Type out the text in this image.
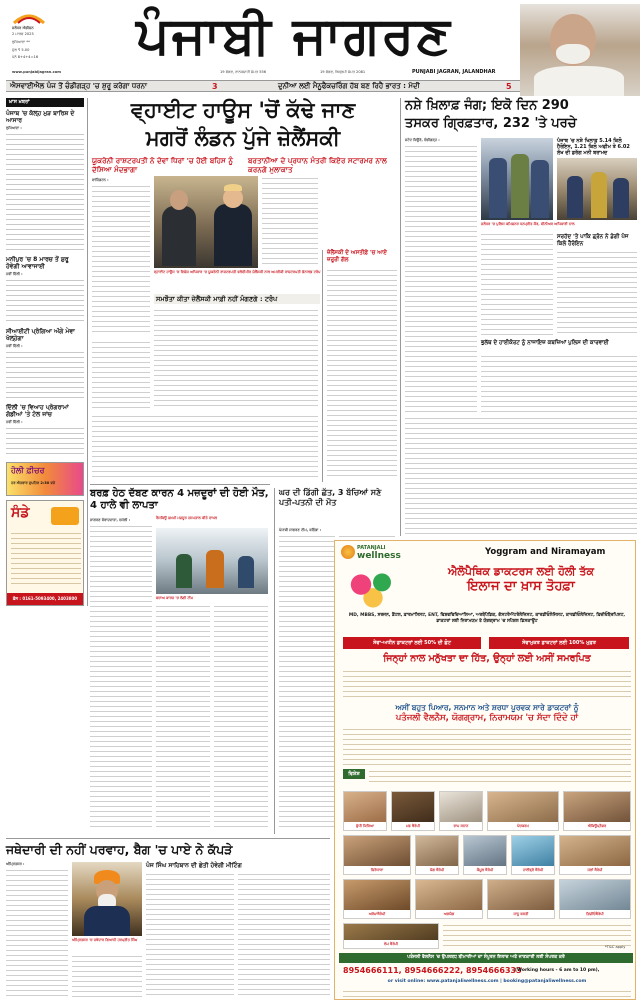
ਜਲੰਧਰ ਐਡੀਸ਼ਨ
2 ਮਾਰਚ 2025
ਲੁਧਿਆਣਾ **
ਮੁੱਲ ₹ 5.00
ਪੰਨੇ 8+4+4=16	ਪੰਜਾਬੀ ਜਾਗਰਣ
www.punjabijagran.com	19 ਫੱਗਣ, ਨਾਨਕਸ਼ਾਹੀ ਸੰਮਤ 556	19 ਫੱਗਣ, ਬਿਕ੍ਰਮੀ ਸੰਮਤ 2081	PUNJABI JAGRAN, JALANDHAR
ਐਸਵਾਈਐਲ ਪੰਜ ਤੋਂ ਚੰਡੀਗੜ੍ਹ 'ਚ ਸ਼ੁਰੂ ਕਰੇਗਾ ਧਰਨਾ	3	ਦੁਨੀਆ ਲਈ ਮੈਨੂਫੈਕਚਰਿੰਗ ਹੱਬ ਬਣ ਰਿਹੈ ਭਾਰਤ : ਮੋਦੀ	5
ਖ਼ਾਸ ਖ਼ਬਰਾਂ
ਪੰਜਾਬ 'ਚ ਕੱਲ੍ਹ ਮੁੜ ਬਾਰਿਸ਼ ਦੇ ਆਸਾਰ
ਲੁਧਿਆਣਾ :
ਮਨੀਪੁਰ 'ਚ 8 ਮਾਰਚ ਤੋਂ ਸ਼ੁਰੂ ਹੋਵੇਗੀ ਆਵਾਜਾਈ
ਨਵੀਂ ਦਿੱਲੀ :
ਸੀਆਈਟੀ ਪ੍ਰੋਗਿਆ ਅੱਗੇ ਮੇਵਾ ਖੋਲ੍ਹੇਗਾ
ਨਵੀਂ ਦਿੱਲੀ :
ਦਿੱਲੀ 'ਚ ਵਿਆਹ ਪ੍ਰੋਗਰਾਮਾਂ ਗੱਡੀਆਂ 'ਤੇ ਟੋਲ ਜਾਂਚ
ਨਵੀਂ ਦਿੱਲੀ :
ਹੋਲੀ ਫ਼ੀਚਰ
ਹਰ ਐਤਵਾਰ ਦੁਪਹਿਰ 2:30 ਵਜੇ
ਸੰਡੇ
ਫ਼ੋਨ : 0161-5093400, 2403800
ਵ੍ਹਾਈਟ ਹਾਊਸ 'ਚੋਂ ਕੱਢੇ ਜਾਣ
ਮਗਰੋਂ ਲੰਡਨ ਪੁੱਜੇ ਜ਼ੇਲੈਂਸਕੀ
ਯੂਕਰੇਨੀ ਰਾਸ਼ਟਰਪਤੀ ਨੇ ਦੇਵਾਂ ਧਿਰਾਂ 'ਚ ਹੋਈ ਬਹਿਸ ਨੂੰ ਦੱਸਿਆ ਮੰਦਭਾਗਾ
ਬਰਤਾਨੀਆ ਦੇ ਪ੍ਰਧਾਨ ਮੰਤਰੀ ਕਿਏਰ ਸਟਾਰਮਰ ਨਾਲ ਕਰਨਗੇ ਮੁਲਾਕਾਤ
ਵਾਸ਼ਿੰਗਟਨ :
ਵ੍ਹਾਈਟ ਹਾਊਸ 'ਚ ਵਿਸ਼ੇਸ਼ ਅਧਿਕਾਰ 'ਚ ਯੂਕਰੇਨੀ ਰਾਸ਼ਟਰਪਤੀ ਵਲੋਦੀਮੀਰ ਜ਼ੇਲੈਂਸਕੀ ਨਾਲ ਅਮਰੀਕੀ ਰਾਸ਼ਟਰਪਤੀ ਡੋਨਾਲਡ ਟਰੰਪ
ਜ਼ੇਲੈਂਸਕੀ ਦੇ ਅਸਤੀਫ਼ੇ 'ਚ ਆਏ ਜ਼ਰੂਰੀ ਗੱਲ
ਸਮਝੌਤਾ ਕੀਤਾ ਜ਼ੇਲੈਂਸਕੀ ਮਾਫ਼ੀ ਨਹੀਂ ਮੰਗਣਗੇ : ਟਰੰਪ
ਬਰਫ਼ ਹੇਠ ਦੱਬਣ ਕਾਰਨ 4 ਮਜ਼ਦੂਰਾਂ ਦੀ ਹੋਈ ਮੌਤ, 4 ਹਾਲੇ ਵੀ ਲਾਪਤਾ
ਜਾਗਰਣ ਸੰਵਾਦਦਾਤਾ, ਚਮੋਲੀ :	ਰੈਸਕਿਊ ਜ਼ਖ਼ਮੀ ਮਜ਼ਦੂਰ ਹਸਪਤਾਲ ਕੀਤੇ ਦਾਖਲ
ਬਚਾਅ ਕਾਰਜ 'ਚ ਲੱਗੀ ਟੀਮ
ਘਰ ਦੀ ਡਿੱਗੀ ਛੱਤ, 3 ਬੱਚਿਆਂ ਸਣੇ ਪਤੀ-ਪਤਨੀ ਦੀ ਮੌਤ
ਪੰਜਾਬੀ ਜਾਗਰਣ ਟੀਮ, ਬਠਿੰਡਾ :
ਨਸ਼ੇ ਖ਼ਿਲਾਫ਼ ਜੰਗ; ਇਕੋ ਦਿਨ 290
ਤਸਕਰ ਗ੍ਰਿਫ਼ਤਾਰ, 232 'ਤੇ ਪਰਚੇ
ਸਟੇਟ ਬਿਊਰੋ, ਚੰਡੀਗੜ੍ਹ :	ਪੰਜਾਬ 'ਚ ਨਸ਼ੇ ਖਿਲਾਫ਼ 5.14 ਕਿਲੋ ਹੈਰੋਇਨ, 1.21 ਕਿਲੋ ਅਫੀਮ ਤੇ 6.02 ਲੱਖ ਦੀ ਡਰੱਗ ਮਨੀ ਬਰਾਮਦ
ਜਲੰਧਰ 'ਚ ਪੁਲਿਸ ਕਮਿਸ਼ਨਰ ਧਨਪ੍ਰੀਤ ਕੌਰ, ਸੀਨੀਅਰ ਅਧਿਕਾਰੀ ਨਾਲ
ਸਰਹੱਦ 'ਤੇ ਪਾਕਿ ਡ੍ਰੋਨ ਨੇ ਡੇਗੀ ਪੰਜ ਕਿਲੋ ਹੈਰੋਇਨ
ਭੁਲੱਥ ਦੇ ਹਾਈਕੋਰਟ ਨੂੰ ਨਾਜਾਇਜ਼ ਕਬਜ਼ਿਆਂ ਪੁਲਿਸ ਦੀ ਕਾਰਵਾਈ
PATANJALI
wellness	Yoggram and Niramayam
ਐਲੋਪੈਥਿਕ ਡਾਕਟਰਸ ਲਈ ਹੋਲੀ ਤੱਕ
ਇਲਾਜ ਦਾ ਖ਼ਾਸ ਤੋਹਫ਼ਾ
MD, MBBS, ਸਰਜਨ, ਡੈਂਟਲ, ਫ਼ਾਰਮਾਸਿਸਟ, ENT, ਵਿਸ਼ਵਵਿਦਿਆਲਿਆ, ਅਰਥੋਪੈਡਿਕ, ਗੇਸਟਰੋਐਂਟਰੋਲੋਜਿਸਟ, ਕਾਰਡੀਓਲੋਜਿਸਟ, ਕਾਰਡੀਓਲੋਜਿਸਟ, ਫ਼ਿਜ਼ੀਓਥੈਰਪਿਸਟ, ਡਾਕਟਰਾਂ ਲਈ ਨਿਰਾਮਯਮ ਤੇ ਯੋਗਗ੍ਰਾਮ 'ਚ ਸਪੈਸ਼ਲ ਡਿਸਕਾਊਂਟ
ਸੇਵਾ-ਅਧੀਨ ਡਾਕਟਰਾਂ ਲਈ 50% ਦੀ ਛੋਟ	ਸੇਵਾਮੁਕਤ ਡਾਕਟਰਾਂ ਲਈ 100% ਮੁਫ਼ਤ
ਜਿਨ੍ਹਾਂ ਨਾਲ ਮਨੁੱਖਤਾ ਦਾ ਹਿੱਤ, ਉਨ੍ਹਾਂ ਲਈ ਅਸੀਂ ਸਮਰਪਿਤ
ਅਸੀਂ ਬਹੁਤ ਪਿਆਰ, ਸਨਮਾਨ ਅਤੇ ਸ਼ਰਧਾ ਪੂਰਵਕ ਸਾਰੇ ਡਾਕਟਰਾਂ ਨੂੰ
ਪਤੰਜਲੀ ਵੈਲਨੈਸ, ਯੋਗਗ੍ਰਾਮ, ਨਿਰਾਮਯਮ 'ਚ ਸੱਦਾ ਦਿੰਦੇ ਹਾਂ
ਵਿਸ਼ੇਸ਼
ਸ਼ੁੱਧੀ ਕਿਰਿਆ	ਮਡ ਥੈਰੇਪੀ	ਭਾਪ ਸਨਾਨ	ਪੰਚਕਰਮ	ਐਕਿਊਪ੍ਰੈਸ਼ਰ
ਸ਼ਿਰੋਧਾਰਾ	ਯੋਗ ਥੈਰੇਪੀ	ਕੈਮੂਲ ਥੈਰੇਪੀ	ਹਾਈਡ੍ਰੋ ਥੈਰੇਪੀ	ਜਲਾਂ ਥੈਰੇਪੀ
ਅਰੋਮਾਥੈਰੇਪੀ	ਅਭਯੰਗ	ਜਾਨੂ ਬਸਤੀ	ਫ਼ਿਜ਼ੀਓਥੈਰੇਪੀ
ਲੇਪ ਥੈਰੇਪੀ
ਪਤੰਜਲੀ ਵੈਲਨੈਸ 'ਚ ਉਪਲਬਧ ਬੀਮਾਰੀਆਂ ਦਾ ਸੰਪੂਰਨ ਇਲਾਜ਼ ਅਤੇ ਜਾਣਕਾਰੀ ਲਈ ਸੰਪਰਕ ਕਰੋ
8954666111, 8954666222, 8954666333
(Working hours - 6 am to 10 pm),
or visit online: www.patanjaliwellness.com | booking@patanjaliwellness.com
*T&C apply
ਜਥੇਦਾਰੀ ਦੀ ਨਹੀਂ ਪਰਵਾਹ, ਬੈਗ 'ਚ ਪਾਏ ਨੇ ਕੱਪੜੇ
ਅੰਮ੍ਰਿਤਸਰ :
ਅੰਮ੍ਰਿਤਸਰ 'ਚ ਜਥੇਦਾਰ ਗਿਆਨੀ ਹਰਪ੍ਰੀਤ ਸਿੰਘ
ਪੰਜ ਸਿੰਘ ਸਾਹਿਬਾਨ ਦੀ ਛੇਤੀ ਹੋਵੇਗੀ ਮੀਟਿੰਗ
